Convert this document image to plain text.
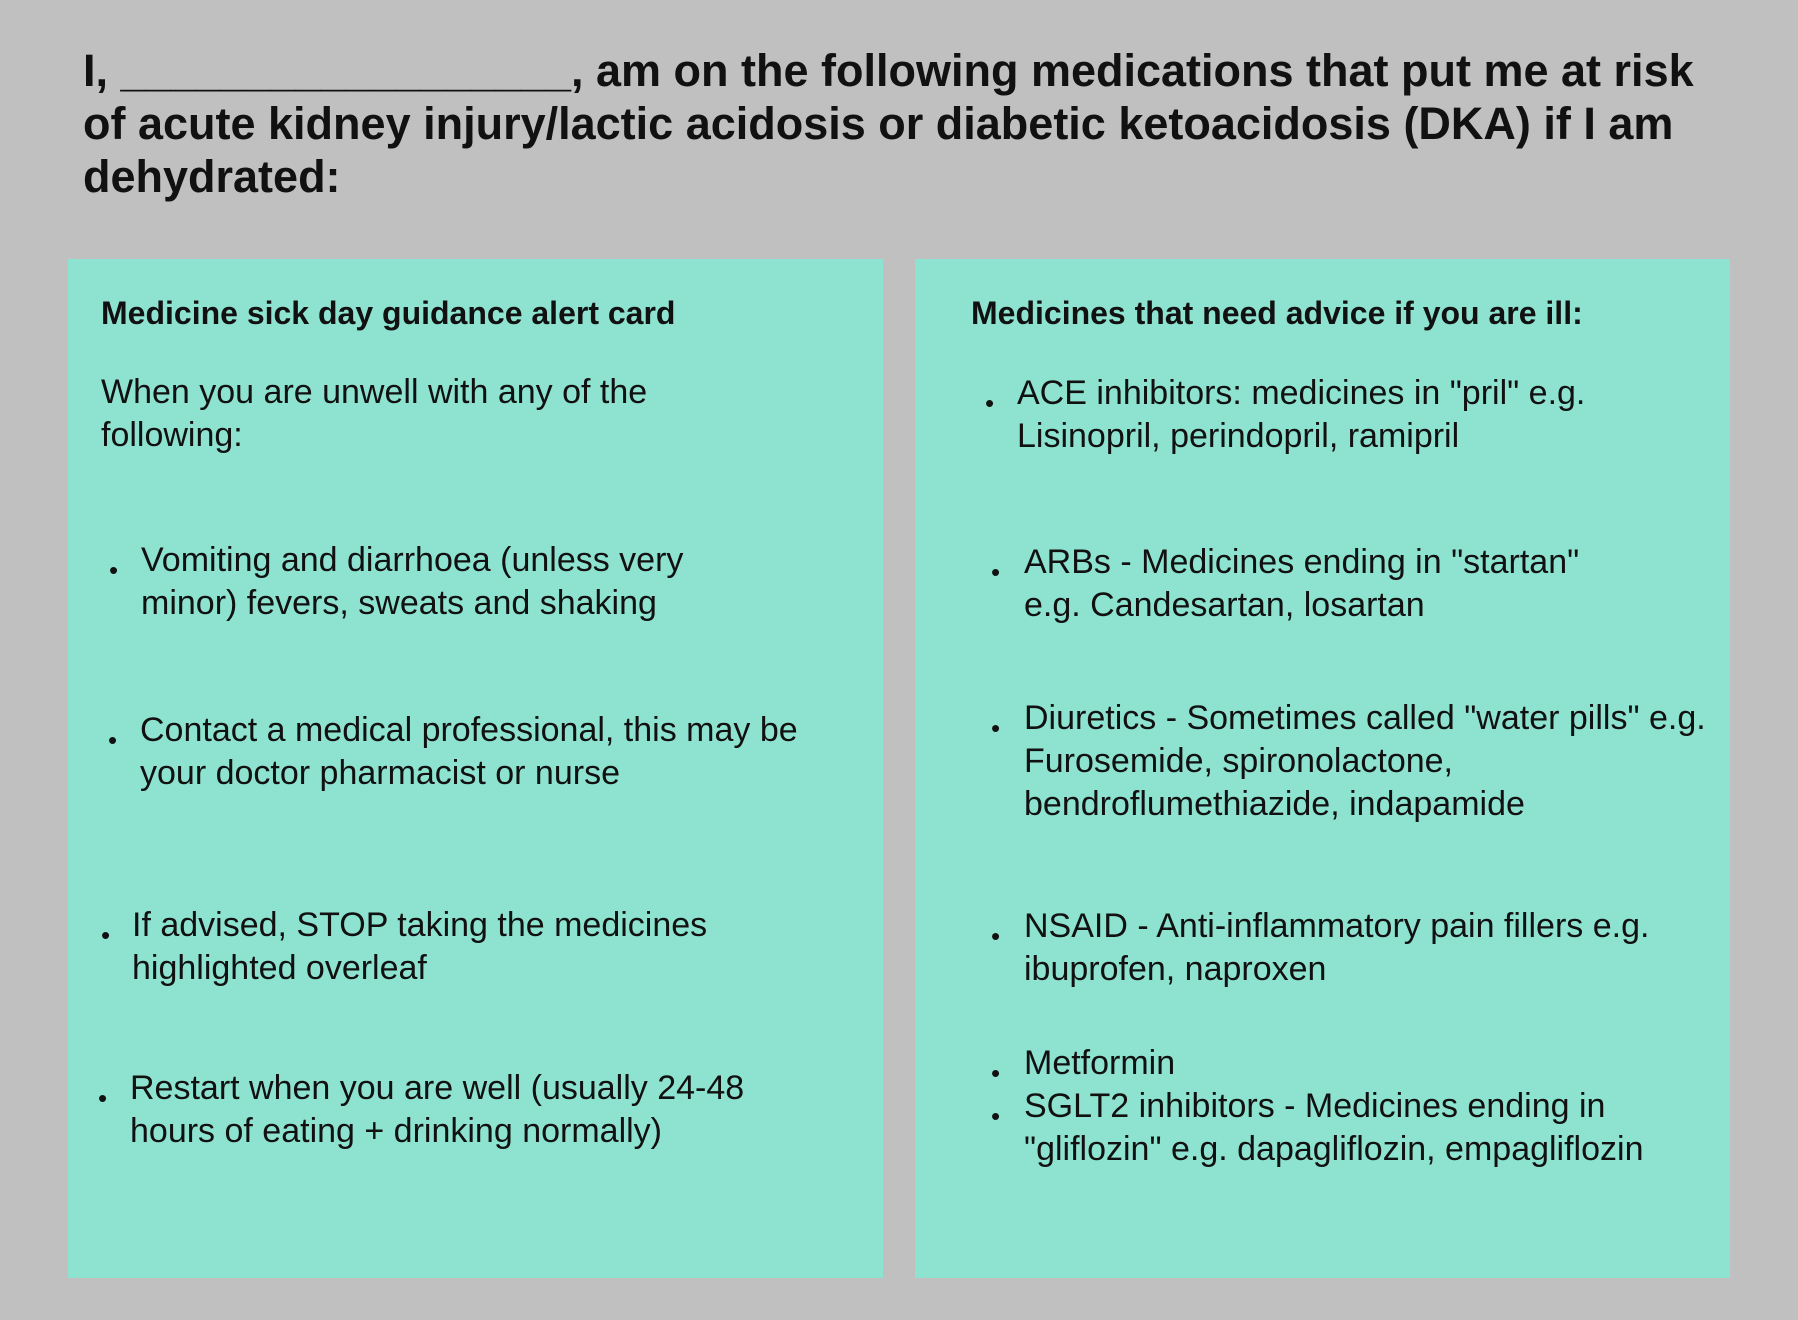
I, __________________, am on the following medications that put me at risk of acute kidney injury/lactic acidosis or diabetic ketoacidosis (DKA) if I am dehydrated:

Medicine sick day guidance alert card

When you are unwell with any of the following:

• Vomiting and diarrhoea (unless very minor) fevers, sweats and shaking

• Contact a medical professional, this may be your doctor pharmacist or nurse

• If advised, STOP taking the medicines highlighted overleaf

• Restart when you are well (usually 24-48 hours of eating + drinking normally)

Medicines that need advice if you are ill:

• ACE inhibitors: medicines in "pril" e.g. Lisinopril, perindopril, ramipril

• ARBs - Medicines ending in "startan" e.g. Candesartan, losartan

• Diuretics - Sometimes called "water pills" e.g. Furosemide, spironolactone, bendroflumethiazide, indapamide

• NSAID - Anti-inflammatory pain fillers e.g. ibuprofen, naproxen

• Metformin

• SGLT2 inhibitors - Medicines ending in "gliflozin" e.g. dapagliflozin, empagliflozin
